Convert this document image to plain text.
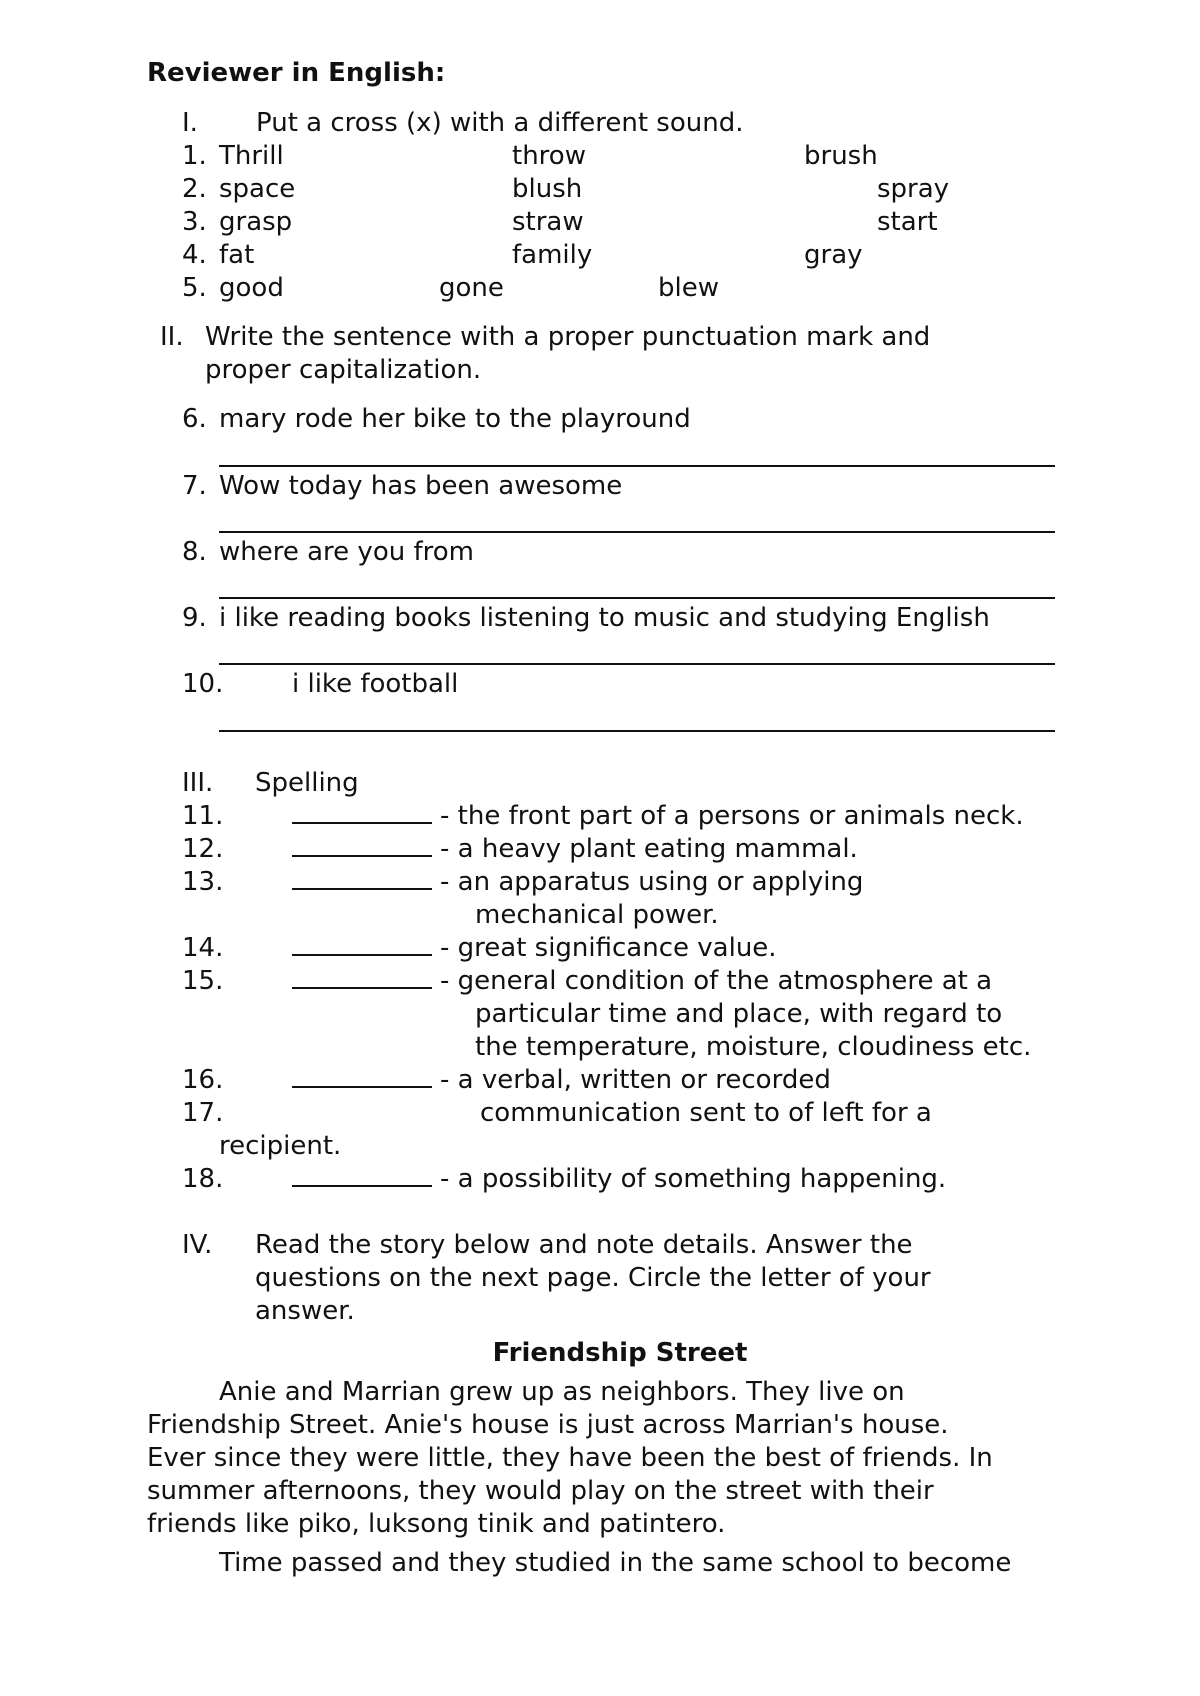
Reviewer in English:
I. Put a cross (x) with a different sound.
1. Thrill	throw	brush
2. space	blush	spray
3. grasp	straw	start
4. fat	family	gray
5. good	gone	blew
II. Write the sentence with a proper punctuation mark and
proper capitalization.
6. mary rode her bike to the playround
7. Wow today has been awesome
8. where are you from
9. i like reading books listening to music and studying English
10.	i like football
III. Spelling
11.	- the front part of a persons or animals neck.
12.	- a heavy plant eating mammal.
13.	- an apparatus using or applying
mechanical power.
14.	- great significance value.
15.	- general condition of the atmosphere at a
particular time and place, with regard to
the temperature, moisture, cloudiness etc.
16.	- a verbal, written or recorded
17.	communication sent to of left for a
recipient.
18.	- a possibility of something happening.
IV. Read the story below and note details. Answer the
questions on the next page. Circle the letter of your
answer.
Friendship Street
Anie and Marrian grew up as neighbors. They live on
Friendship Street. Anie's house is just across Marrian's house.
Ever since they were little, they have been the best of friends. In
summer afternoons, they would play on the street with their
friends like piko, luksong tinik and patintero.
Time passed and they studied in the same school to become
